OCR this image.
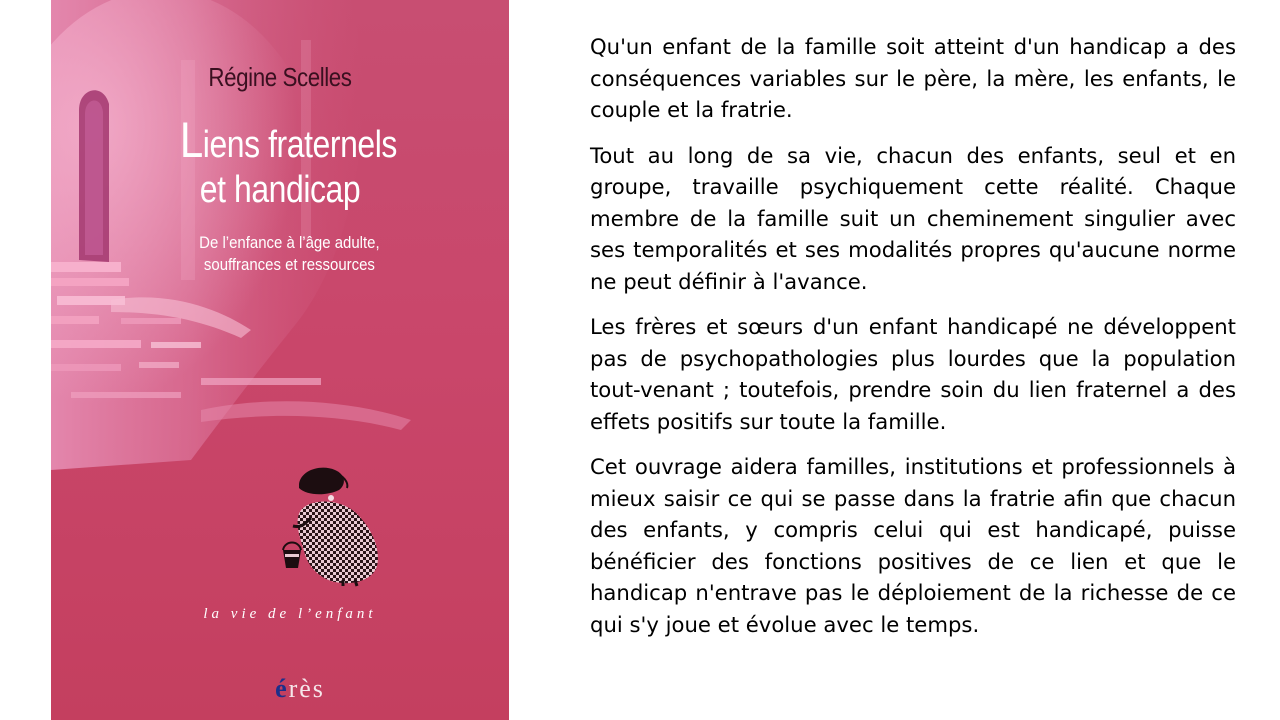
Régine Scelles
Liens fraternels
et handicap
De l’enfance à l’âge adulte,
souffrances et ressources
la vie de l’enfant
érès

Qu'un enfant de la famille soit atteint d'un handicap a des conséquences variables sur le père, la mère, les enfants, le couple et la fratrie.

Tout au long de sa vie, chacun des enfants, seul et en groupe, travaille psychiquement cette réalité. Chaque membre de la famille suit un cheminement singulier avec ses temporalités et ses modalités propres qu'aucune norme ne peut définir à l'avance.

Les frères et sœurs d'un enfant handicapé ne développent pas de psychopathologies plus lourdes que la population tout-venant ; toutefois, prendre soin du lien fraternel a des effets positifs sur toute la famille.

Cet ouvrage aidera familles, institutions et professionnels à mieux saisir ce qui se passe dans la fratrie afin que chacun des enfants, y compris celui qui est handicapé, puisse bénéficier des fonctions positives de ce lien et que le handicap n'entrave pas le déploiement de la richesse de ce qui s'y joue et évolue avec le temps.
